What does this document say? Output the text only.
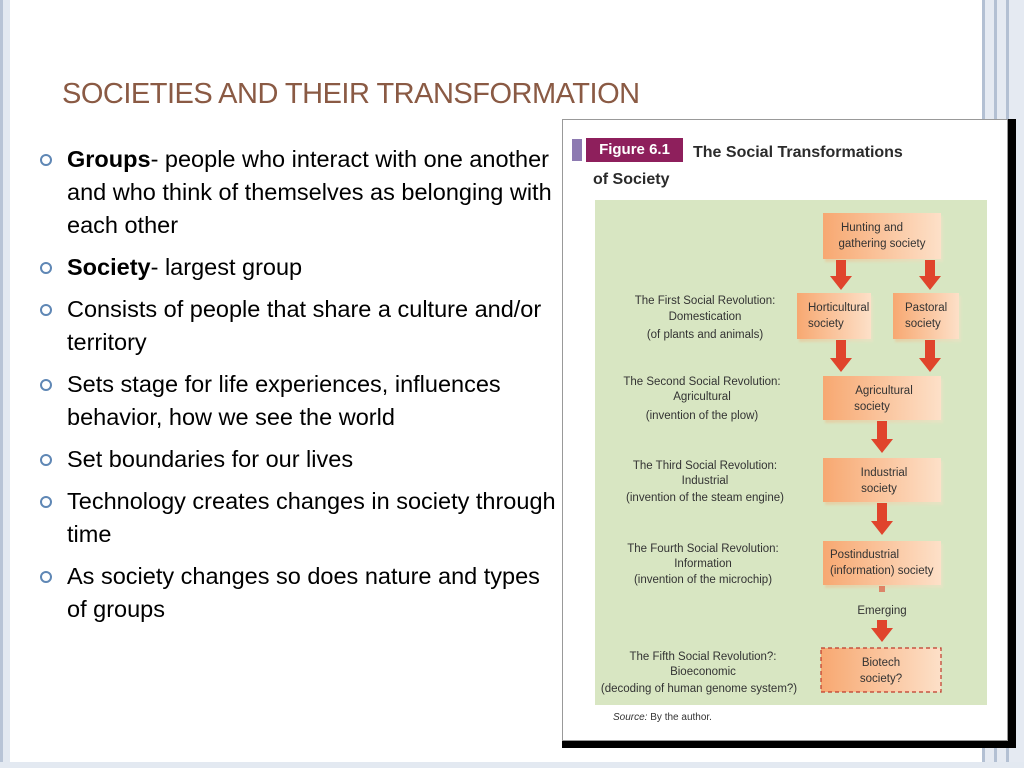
SOCIETIES AND THEIR TRANSFORMATION
Groups- people who interact with one another and who think of themselves as belonging with each other
Society- largest group
Consists of people that share a culture and/or territory
Sets stage for life experiences, influences behavior, how we see the world
Set boundaries for our lives
Technology creates changes in society through time
As society changes so does nature and types of groups
Figure 6.1	The Social Transformations
of Society
Hunting and
gathering society
Horticultural
society
Pastoral
society
Agricultural
society
Industrial
society
Postindustrial
(information) society
Emerging
Biotech
society?
The First Social Revolution:
Domestication
(of plants and animals)
The Second Social Revolution:
Agricultural
(invention of the plow)
The Third Social Revolution:
Industrial
(invention of the steam engine)
The Fourth Social Revolution:
Information
(invention of the microchip)
The Fifth Social Revolution?:
Bioeconomic
(decoding of human genome system?)
Source: By the author.
